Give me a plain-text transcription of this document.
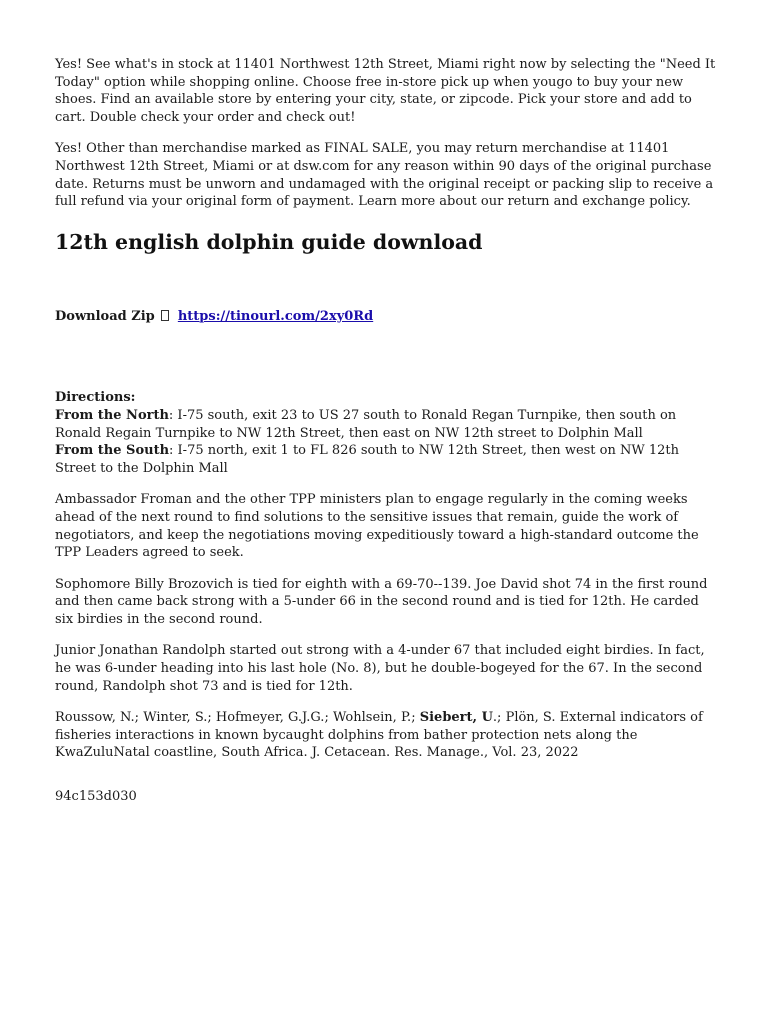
Yes! See what's in stock at 11401 Northwest 12th Street, Miami right now by selecting the "Need It Today" option while shopping online. Choose free in-store pick up when yougo to buy your new shoes. Find an available store by entering your city, state, or zipcode. Pick your store and add to cart. Double check your order and check out!

Yes! Other than merchandise marked as FINAL SALE, you may return merchandise at 11401 Northwest 12th Street, Miami or at dsw.com for any reason within 90 days of the original purchase date. Returns must be unworn and undamaged with the original receipt or packing slip to receive a full refund via your original form of payment. Learn more about our return and exchange policy.

12th english dolphin guide download
Download Zip https://tinourl.com/2xy0Rd
Directions:
From the North: I-75 south, exit 23 to US 27 south to Ronald Regan Turnpike, then south on Ronald Regain Turnpike to NW 12th Street, then east on NW 12th street to Dolphin Mall
From the South: I-75 north, exit 1 to FL 826 south to NW 12th Street, then west on NW 12th Street to the Dolphin Mall

Ambassador Froman and the other TPP ministers plan to engage regularly in the coming weeks ahead of the next round to find solutions to the sensitive issues that remain, guide the work of negotiators, and keep the negotiations moving expeditiously toward a high-standard outcome the TPP Leaders agreed to seek.

Sophomore Billy Brozovich is tied for eighth with a 69-70--139. Joe David shot 74 in the first round and then came back strong with a 5-under 66 in the second round and is tied for 12th. He carded six birdies in the second round.

Junior Jonathan Randolph started out strong with a 4-under 67 that included eight birdies. In fact, he was 6-under heading into his last hole (No. 8), but he double-bogeyed for the 67. In the second round, Randolph shot 73 and is tied for 12th.

Roussow, N.; Winter, S.; Hofmeyer, G.J.G.; Wohlsein, P.; Siebert, U.; Plön, S. External indicators of fisheries interactions in known bycaught dolphins from bather protection nets along the KwaZuluNatal coastline, South Africa. J. Cetacean. Res. Manage., Vol. 23, 2022

94c153d030
